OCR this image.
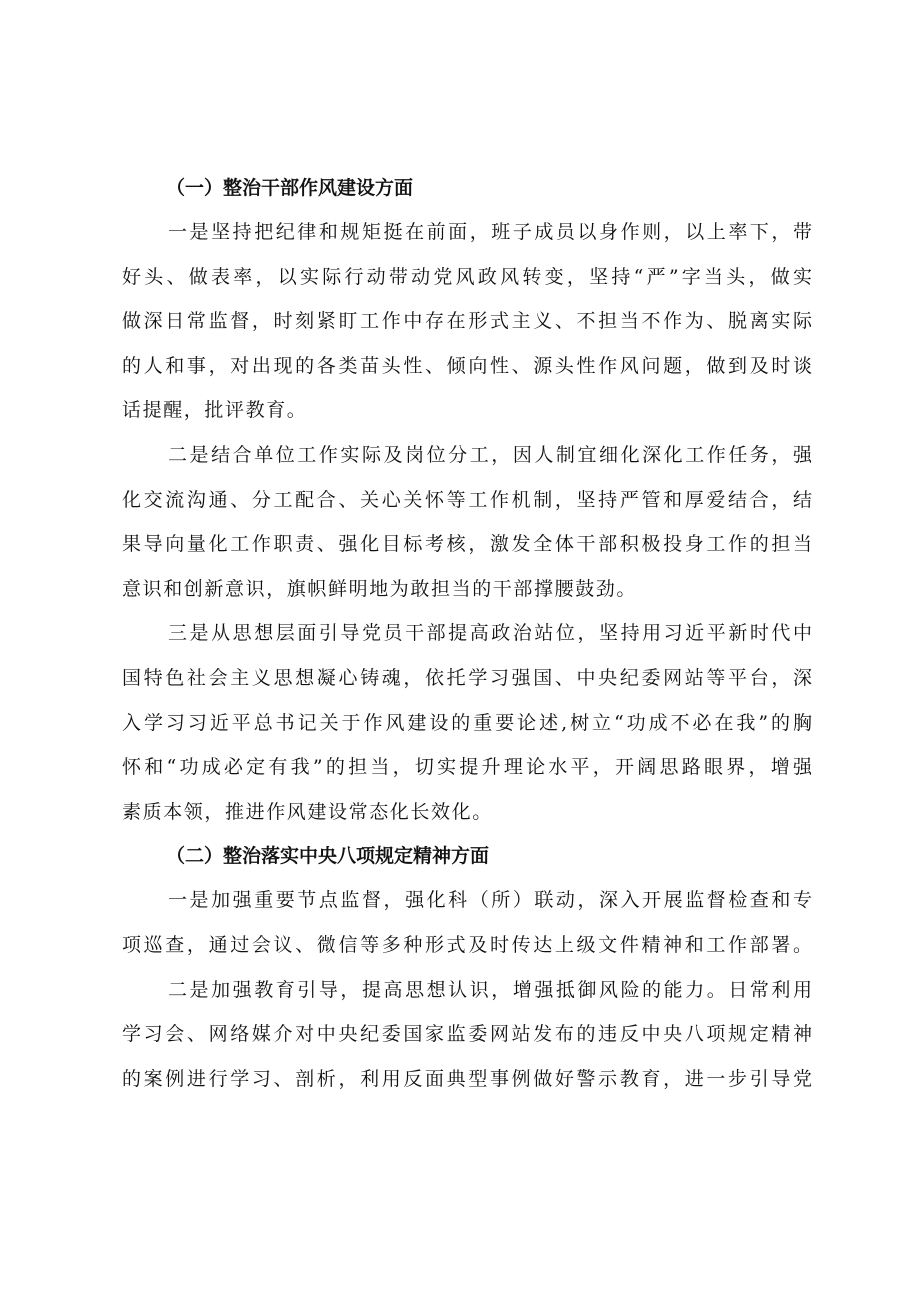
（一）整治干部作风建设方面
一是坚持把纪律和规矩挺在前面，班子成员以身作则，以上率下，带
好头、做表率，以实际行动带动党风政风转变，坚持“严”字当头，做实
做深日常监督，时刻紧盯工作中存在形式主义、不担当不作为、脱离实际
的人和事，对出现的各类苗头性、倾向性、源头性作风问题，做到及时谈
话提醒，批评教育。
二是结合单位工作实际及岗位分工，因人制宜细化深化工作任务，强
化交流沟通、分工配合、关心关怀等工作机制，坚持严管和厚爱结合，结
果导向量化工作职责、强化目标考核，激发全体干部积极投身工作的担当
意识和创新意识，旗帜鲜明地为敢担当的干部撑腰鼓劲。
三是从思想层面引导党员干部提高政治站位，坚持用习近平新时代中
国特色社会主义思想凝心铸魂，依托学习强国、中央纪委网站等平台，深
入学习习近平总书记关于作风建设的重要论述,树立“功成不必在我”的胸
怀和“功成必定有我”的担当，切实提升理论水平，开阔思路眼界，增强
素质本领，推进作风建设常态化长效化。
（二）整治落实中央八项规定精神方面
一是加强重要节点监督，强化科（所）联动，深入开展监督检查和专
项巡查，通过会议、微信等多种形式及时传达上级文件精神和工作部署。
二是加强教育引导，提高思想认识，增强抵御风险的能力。日常利用
学习会、网络媒介对中央纪委国家监委网站发布的违反中央八项规定精神
的案例进行学习、剖析，利用反面典型事例做好警示教育，进一步引导党
